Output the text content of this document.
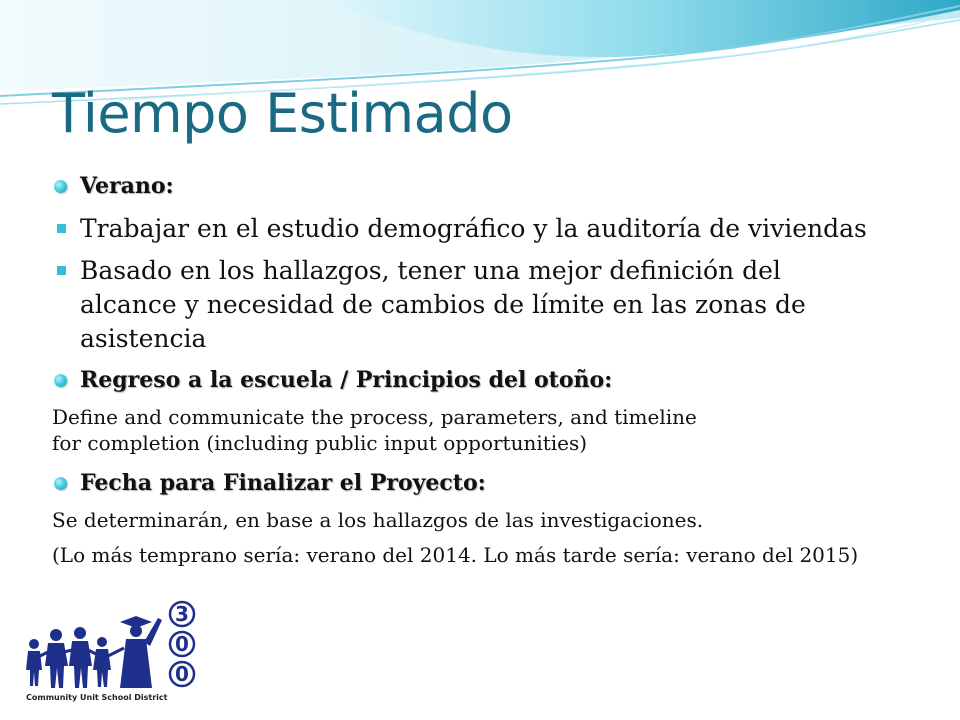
Tiempo Estimado
Verano:
Trabajar en el estudio demográfico y la auditoría de viviendas
Basado en los hallazgos, tener una mejor definición del
alcance y necesidad de cambios de límite en las zonas de
asistencia
Regreso a la escuela / Principios del otoño:
Define and communicate the process, parameters, and timeline
for completion (including public input opportunities)
Fecha para Finalizar el Proyecto:
Se determinarán, en base a los hallazgos de las investigaciones.
(Lo más temprano sería: verano del 2014. Lo más tarde sería: verano del 2015)
3
0
0
Community Unit School District
